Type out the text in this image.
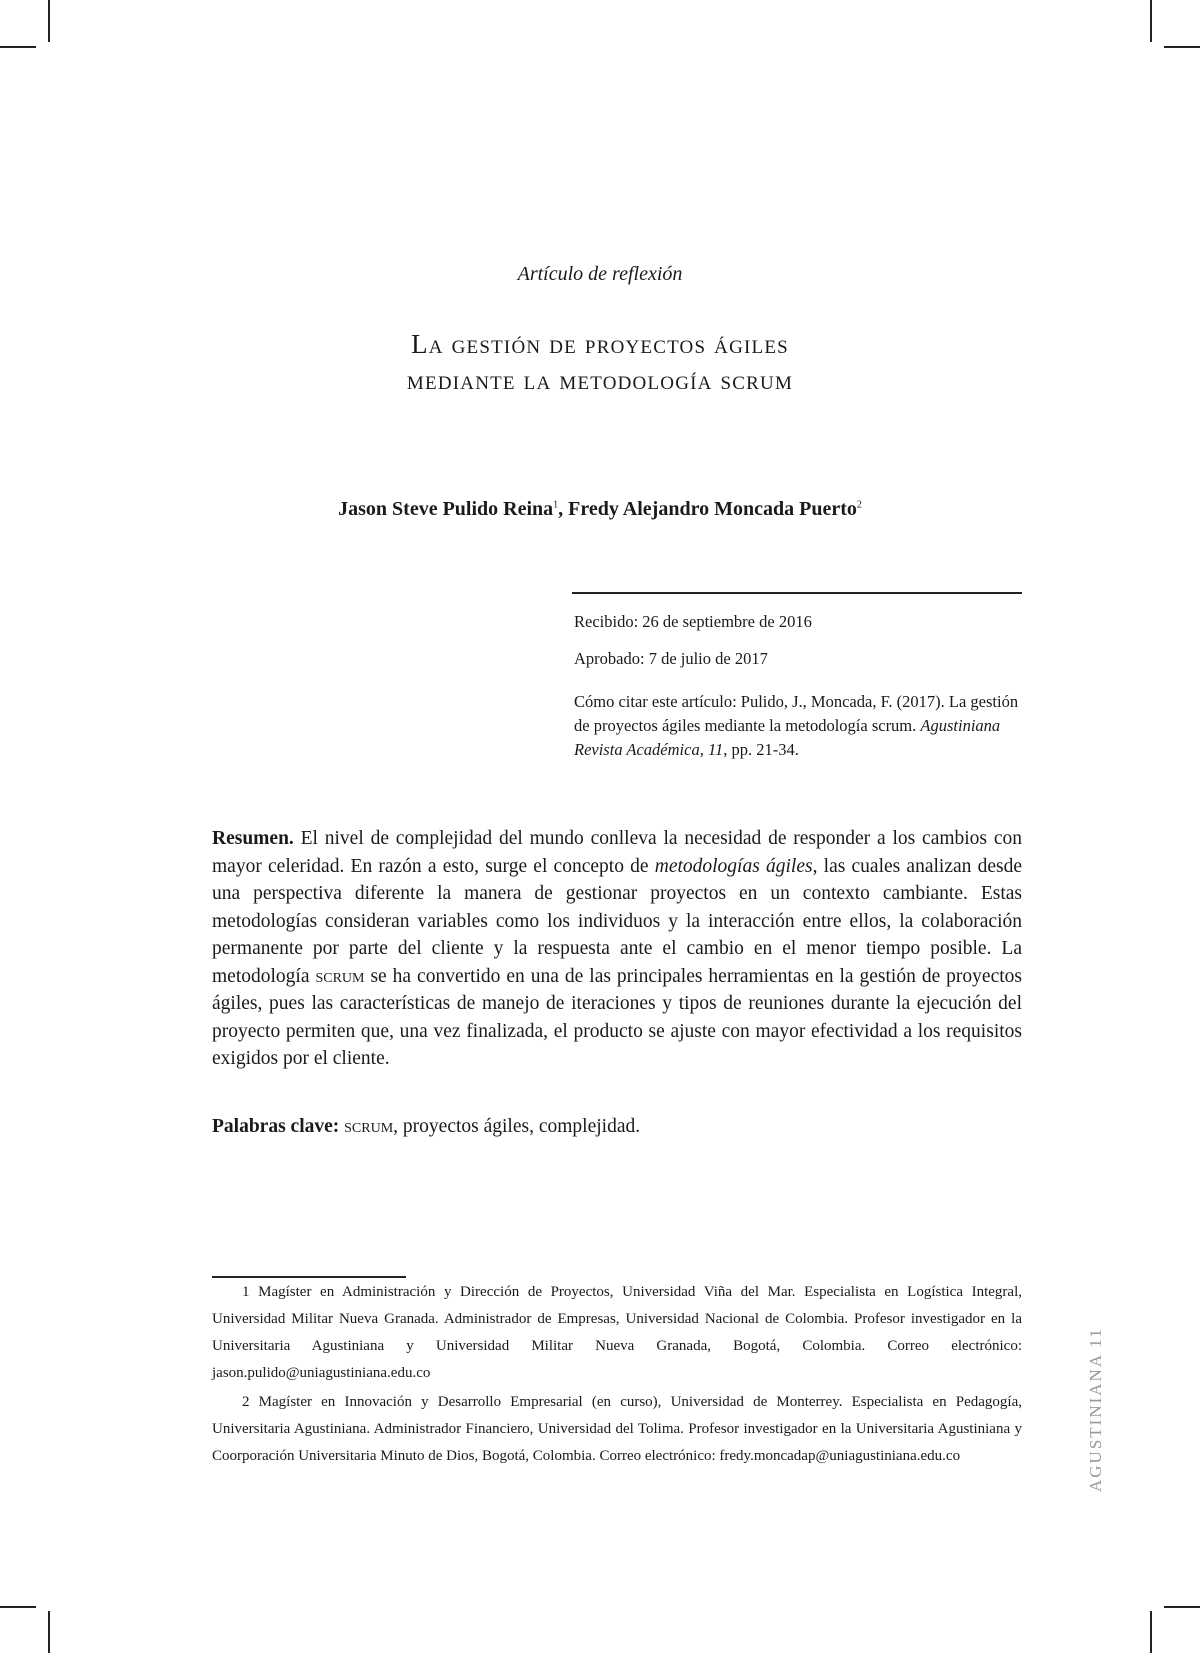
Artículo de reflexión
La gestión de proyectos ágiles
mediante la metodología scrum
Jason Steve Pulido Reina$^1$, Fredy Alejandro Moncada Puerto$^2$
Recibido: 26 de septiembre de 2016
Aprobado: 7 de julio de 2017
Cómo citar este artículo: Pulido, J., Moncada, F. (2017). La gestión de proyectos ágiles mediante la metodología scrum. Agustiniana Revista Académica, 11, pp. 21-34.
Resumen. El nivel de complejidad del mundo conlleva la necesidad de responder a los cambios con mayor celeridad. En razón a esto, surge el concepto de metodologías ágiles, las cuales analizan desde una perspectiva diferente la manera de gestionar proyectos en un contexto cambiante. Estas metodologías consideran variables como los individuos y la interacción entre ellos, la colaboración permanente por parte del cliente y la respuesta ante el cambio en el menor tiempo posible. La metodología scrum se ha convertido en una de las principales herramientas en la gestión de proyectos ágiles, pues las características de manejo de iteraciones y tipos de reuniones durante la ejecución del proyecto permiten que, una vez finalizada, el producto se ajuste con mayor efectividad a los requisitos exigidos por el cliente.
Palabras clave: scrum, proyectos ágiles, complejidad.
1 Magíster en Administración y Dirección de Proyectos, Universidad Viña del Mar. Especialista en Logística Integral, Universidad Militar Nueva Granada. Administrador de Empresas, Universidad Nacional de Colombia. Profesor investigador en la Universitaria Agustiniana y Universidad Militar Nueva Granada, Bogotá, Colombia. Correo electrónico: jason.pulido@uniagustiniana.edu.co
2 Magíster en Innovación y Desarrollo Empresarial (en curso), Universidad de Monterrey. Especialista en Pedagogía, Universitaria Agustiniana. Administrador Financiero, Universidad del Tolima. Profesor investigador en la Universitaria Agustiniana y Coorporación Universitaria Minuto de Dios, Bogotá, Colombia. Correo electrónico: fredy.moncadap@uniagustiniana.edu.co	AGUSTINIANA 11
